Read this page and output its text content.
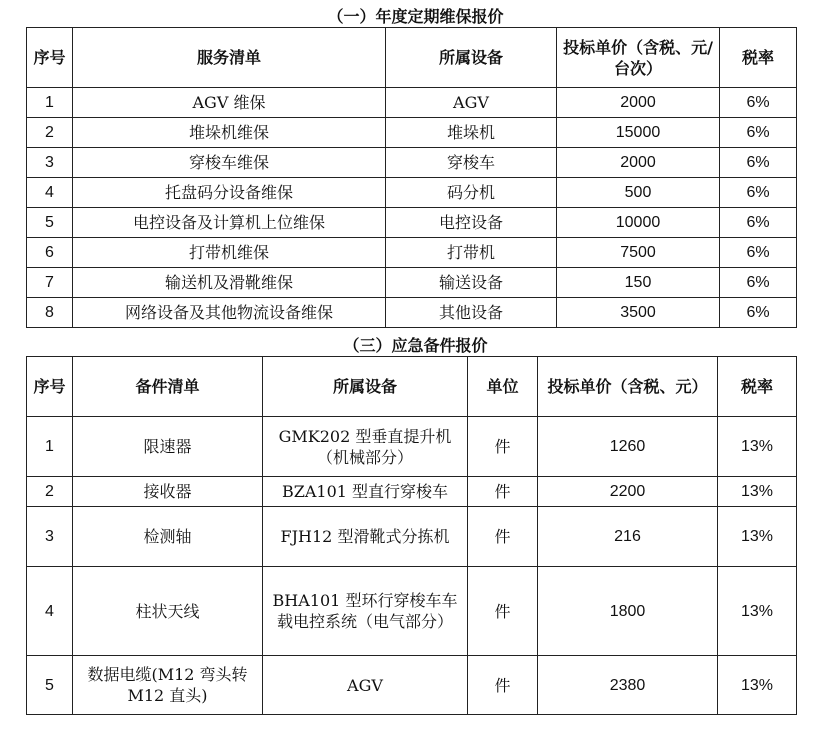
（一）年度定期维保报价
序号	服务清单	所属设备	投标单价（含税、元/台次）	税率
1	AGV 维保	AGV	2000	6%
2	堆垛机维保	堆垛机	15000	6%
3	穿梭车维保	穿梭车	2000	6%
4	托盘码分设备维保	码分机	500	6%
5	电控设备及计算机上位维保	电控设备	10000	6%
6	打带机维保	打带机	7500	6%
7	输送机及滑靴维保	输送设备	150	6%
8	网络设备及其他物流设备维保	其他设备	3500	6%
（三）应急备件报价
序号	备件清单	所属设备	单位	投标单价（含税、元）	税率
1	限速器	GMK202 型垂直提升机（机械部分）	件	1260	13%
2	接收器	BZA101 型直行穿梭车	件	2200	13%
3	检测轴	FJH12 型滑靴式分拣机	件	216	13%
4	柱状天线	BHA101 型环行穿梭车车载电控系统（电气部分）	件	1800	13%
5	数据电缆(M12 弯头转 M12 直头)	AGV	件	2380	13%
